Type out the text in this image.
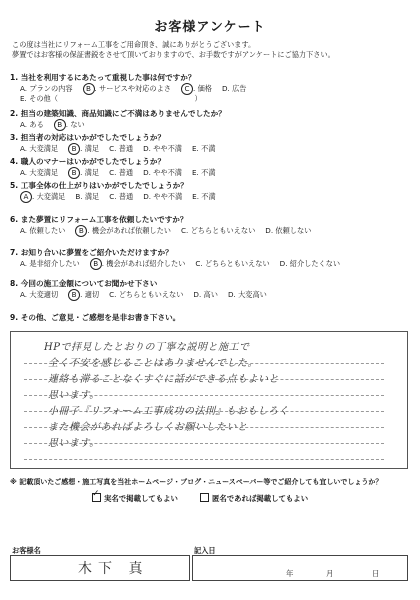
お客様アンケート
この度は当社にリフォーム工事をご用命頂き、誠にありがとうございます。
夢置ではお客様の保証書鋭をさせて頂いておりますので、お手数ですがアンケートにご協力下さい。
1. 当社を利用するにあたって重視した事は何ですか？
A. プランの内容 B . サービスや対応のよさ C . 価格 D. 広告
E. その他（　　　　　　　　　　　　　　　　　　　）
2. 担当の建築知識、商品知識にご不満はありませんでしたか？
A. ある B . ない
3. 担当者の対応はいかがでしたでしょうか？
A. 大変満足 B . 満足 C. 普通 D. やや不満 E. 不満
4. 職人のマナーはいかがでしたでしょうか？
A. 大変満足 B . 満足 C. 普通 D. やや不満 E. 不満
5. 工事全体の仕上がりはいかがでしたでしょうか？
A . 大変満足 B. 満足 C. 普通 D. やや不満 E. 不満
6. また夢置にリフォーム工事を依頼したいですか？
A. 依頼したい B . 機会があれば依頼したい C. どちらともいえない D. 依頼しない
7. お知り合いに夢置をご紹介いただけますか？
A. 是非紹介したい B . 機会があれば紹介したい C. どちらともいえない D. 紹介したくない
8. 今回の施工金額についてお聞かせ下さい
A. 大変適切 B . 適切 C. どちらともいえない D. 高い D. 大変高い
9. その他、ご意見・ご感想を是非お書き下さい。
HPで拝見したとおりの丁寧な説明と施工で
全く不安を感じることはありませんでした。
連絡も滞ることなくすぐに話ができる点もよいと
思います。
小冊子『リフォーム工事成功の法則』もおもしろく
また機会があればよろしくお願いしたいと
思います。
※ 記載頂いたご感想・施工写真を当社ホームページ・ブログ・ニュースペーパー等でご紹介しても宜しいでしょうか？
✓実名で掲載してもよい	匿名であれば掲載してもよい
お客様名	記入日
木下 真	年	月	日
